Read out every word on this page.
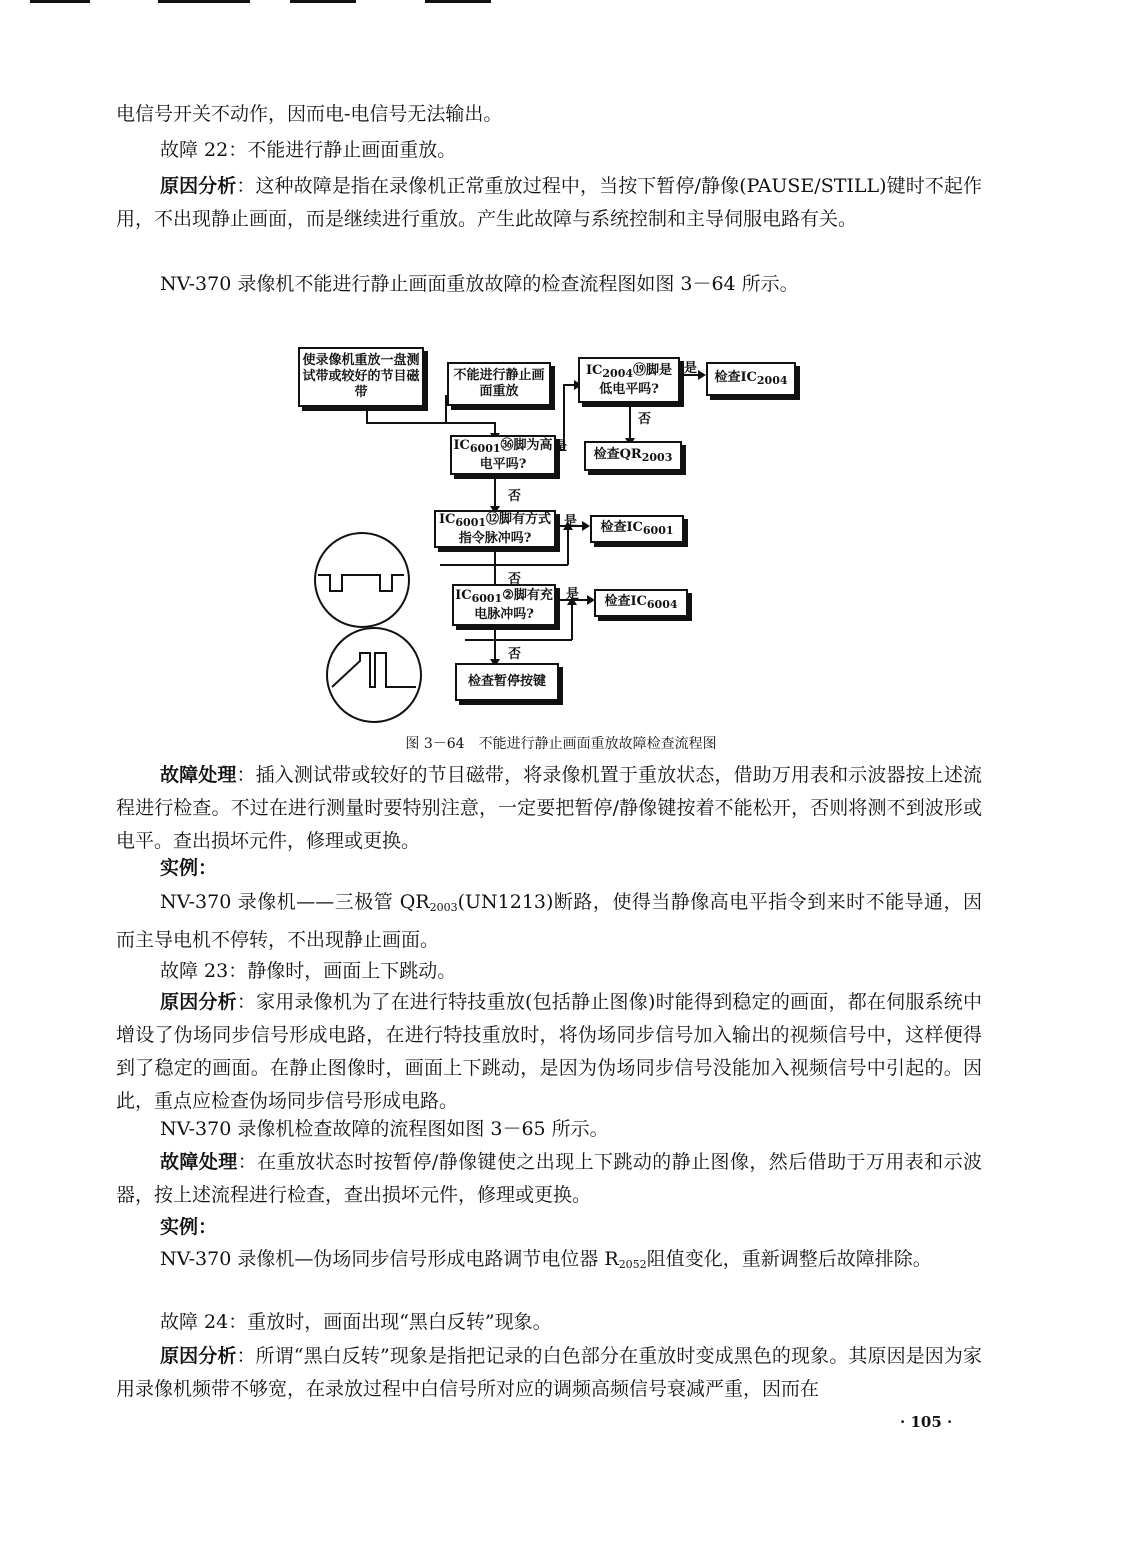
电信号开关不动作，因而电-电信号无法输出。

故障 22：不能进行静止画面重放。

原因分析：这种故障是指在录像机正常重放过程中，当按下暂停/静像(PAUSE/STILL)键时不起作用，不出现静止画面，而是继续进行重放。产生此故障与系统控制和主导伺服电路有关。

NV-370 录像机不能进行静止画面重放故障的检查流程图如图 3－64 所示。

使录像机重放一盘测试带或较好的节目磁带
不能进行静止画面重放
$IC_{2004}⑲$脚是低电平吗?
检查$IC_{2004}$
检查$QR_{2003}$
$IC_{6001}㊱$脚为高电平吗?
$IC_{6001}⑫$脚有方式指令脉冲吗?
检查$IC_{6001}$
$IC_{6001}②$脚有充电脉冲吗?
检查$IC_{6004}$
检查暂停按键
是
否
是
否
是
否
是
否
图 3－64　不能进行静止画面重放故障检查流程图

故障处理：插入测试带或较好的节目磁带，将录像机置于重放状态，借助万用表和示波器按上述流程进行检查。不过在进行测量时要特别注意，一定要把暂停/静像键按着不能松开，否则将测不到波形或电平。查出损坏元件，修理或更换。

实例：

NV-370 录像机——三极管 $QR_{2003}(UN1213)$断路，使得当静像高电平指令到来时不能导通，因而主导电机不停转，不出现静止画面。

故障 23：静像时，画面上下跳动。

原因分析：家用录像机为了在进行特技重放(包括静止图像)时能得到稳定的画面，都在伺服系统中增设了伪场同步信号形成电路，在进行特技重放时，将伪场同步信号加入输出的视频信号中，这样便得到了稳定的画面。在静止图像时，画面上下跳动，是因为伪场同步信号没能加入视频信号中引起的。因此，重点应检查伪场同步信号形成电路。

NV-370 录像机检查故障的流程图如图 3－65 所示。

故障处理：在重放状态时按暂停/静像键使之出现上下跳动的静止图像，然后借助于万用表和示波器，按上述流程进行检查，查出损坏元件，修理或更换。

实例：

NV-370 录像机—伪场同步信号形成电路调节电位器 $R_{2052}$阻值变化，重新调整后故障排除。

故障 24：重放时，画面出现“黑白反转”现象。

原因分析：所谓“黑白反转”现象是指把记录的白色部分在重放时变成黑色的现象。其原因是因为家用录像机频带不够宽，在录放过程中白信号所对应的调频高频信号衰减严重，因而在

· 105 ·
